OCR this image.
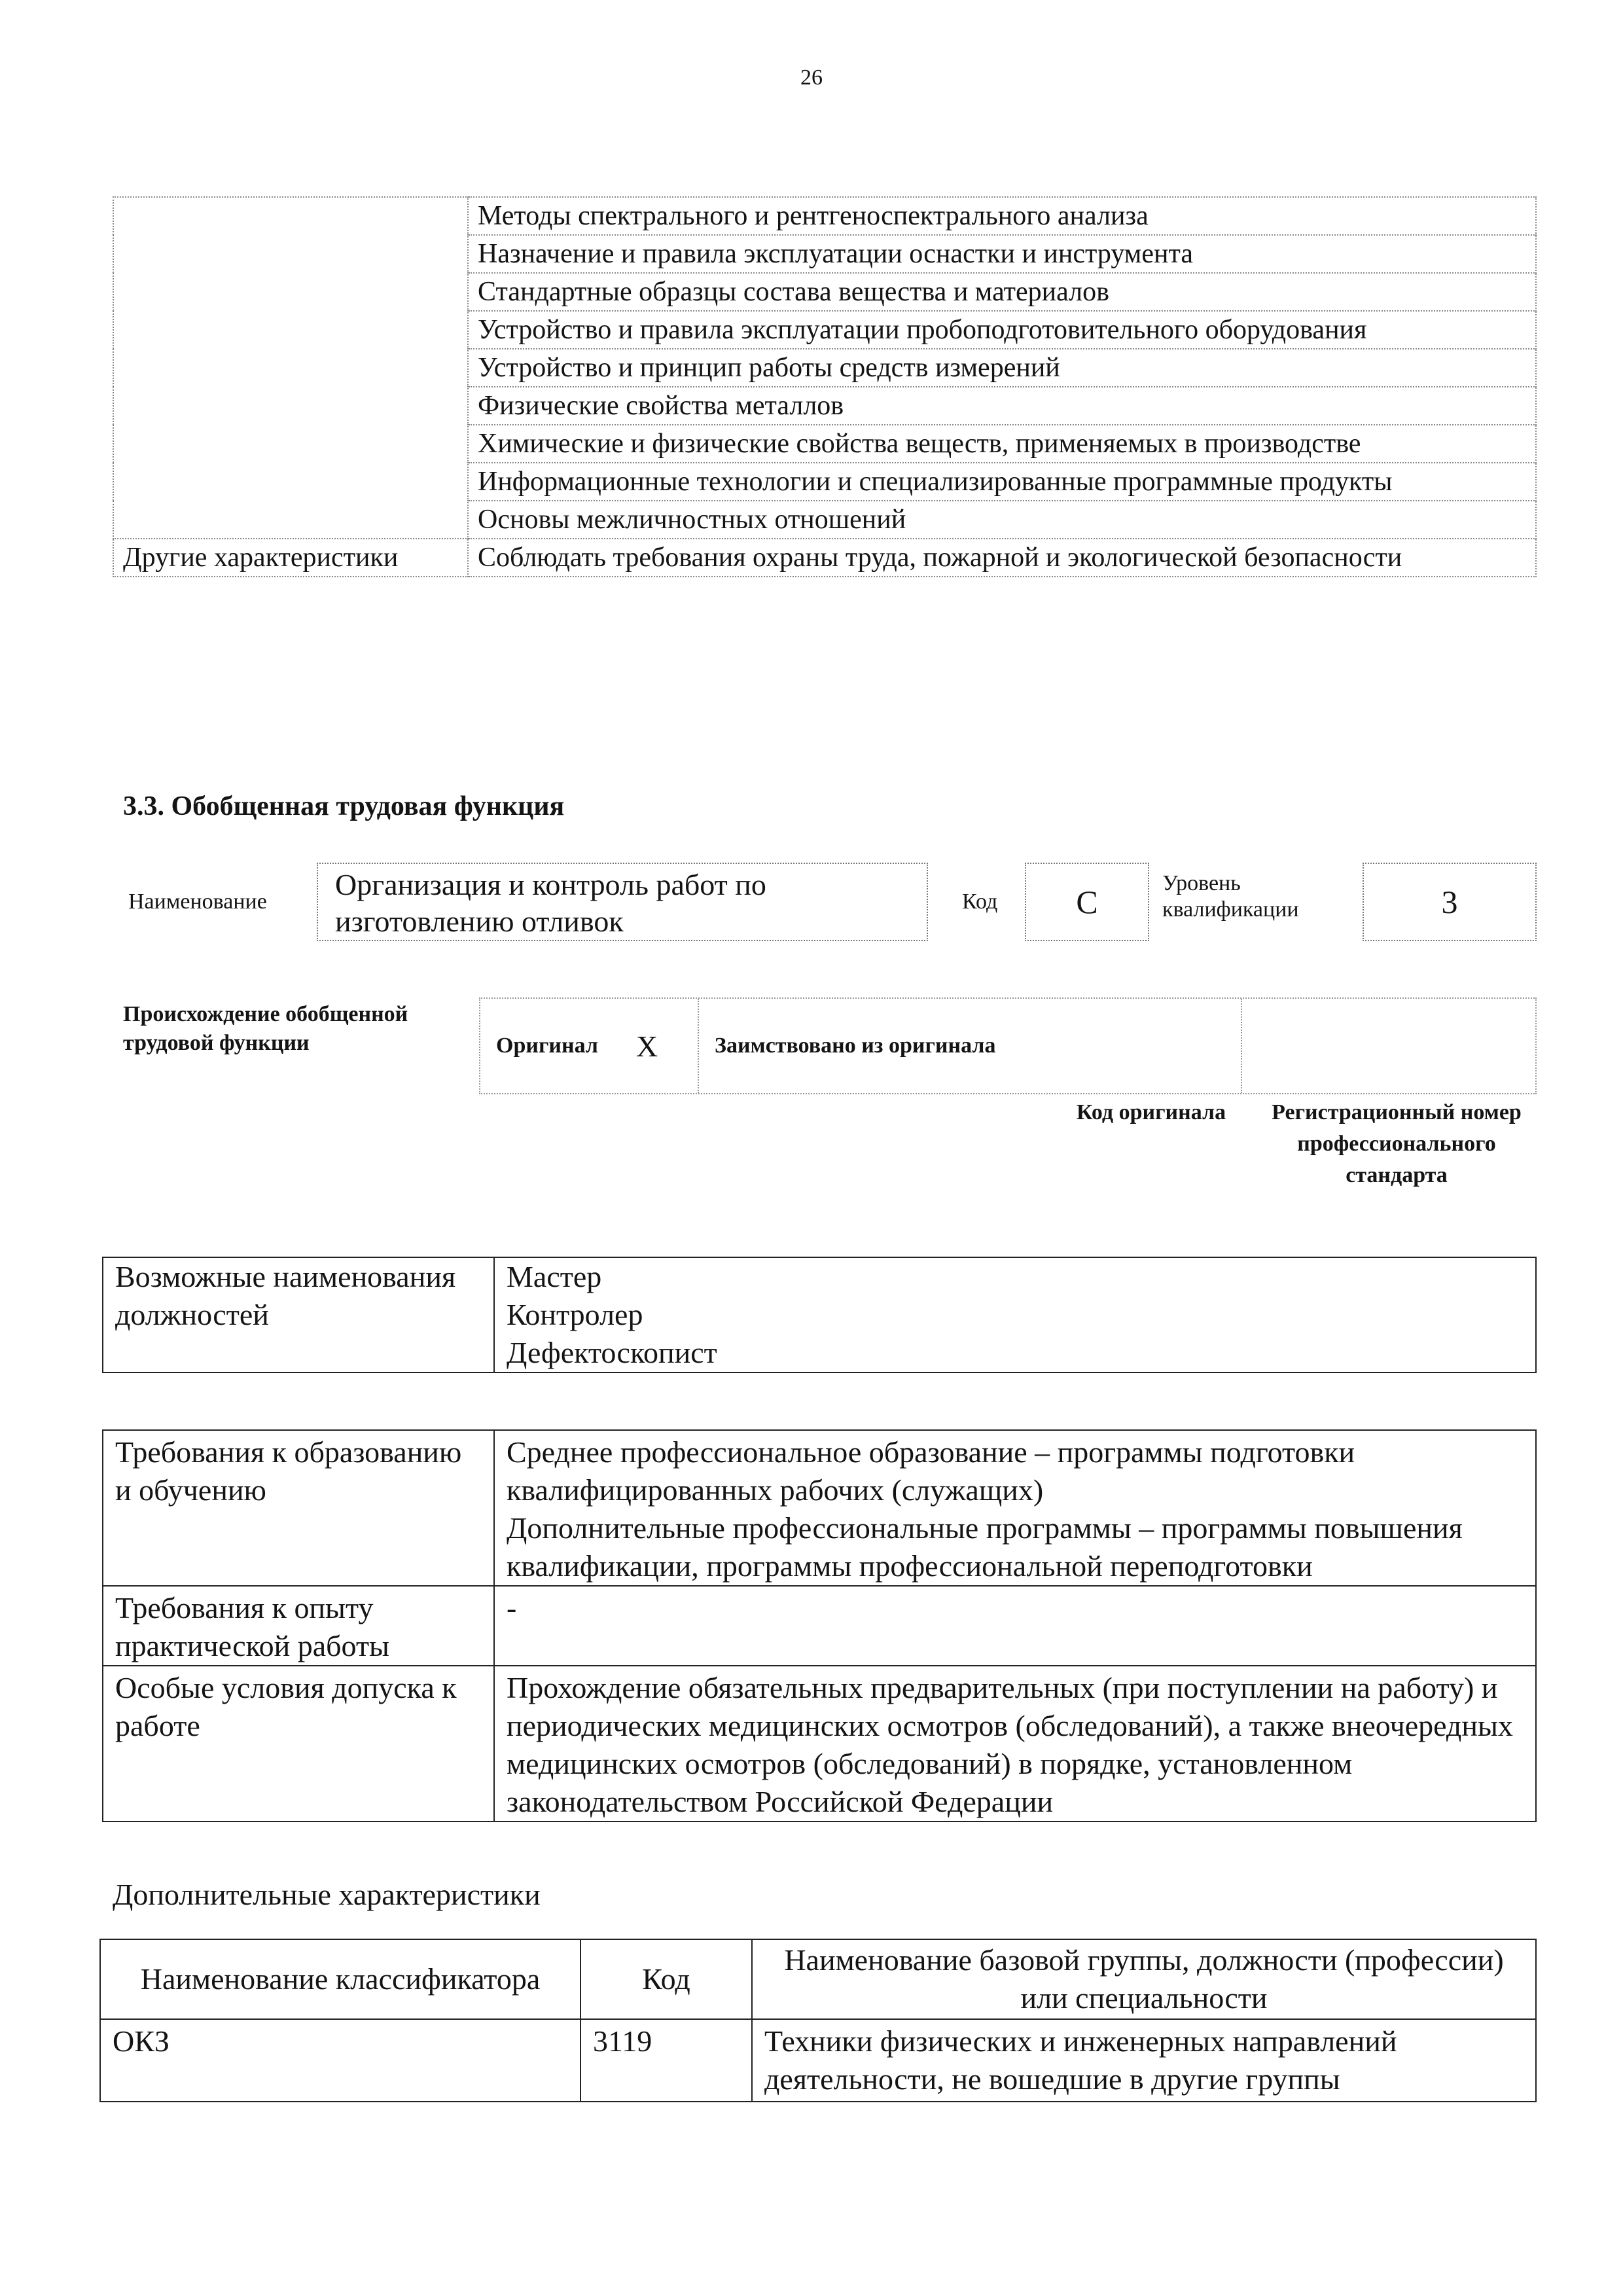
26
	Методы спектрального и рентгеноспектрального анализа
	Назначение и правила эксплуатации оснастки и инструмента
	Стандартные образцы состава вещества и материалов
	Устройство и правила эксплуатации пробоподготовительного оборудования
	Устройство и принцип работы средств измерений
	Физические свойства металлов
	Химические и физические свойства веществ, применяемых в производстве
	Информационные технологии и специализированные программные продукты
	Основы межличностных отношений
Другие характеристики	Соблюдать требования охраны труда, пожарной и экологической безопасности
3.3. Обобщенная трудовая функция
Наименование
Организация и контроль работ по изготовлению отливок
Код	С
Уровень квалификации	3
Происхождение обобщенной трудовой функции	Оригинал X	Заимствовано из оригинала
Код оригинала Регистрационный номер профессионального стандарта
Возможные наименования должностей	
Мастер
Контролер
Дефектоскопист
Требования к образованию и обучению	Среднее профессиональное образование – программы подготовки квалифицированных рабочих (служащих)
Дополнительные профессиональные программы – программы повышения квалификации, программы профессиональной переподготовки

Требования к опыту практической работы	-
Особые условия допуска к работе	Прохождение обязательных предварительных (при поступлении на работу) и периодических медицинских осмотров (обследований), а также внеочередных медицинских осмотров (обследований) в порядке, установленном законодательством Российской Федерации
Дополнительные характеристики
Наименование классификатора	Код	Наименование базовой группы, должности (профессии) или специальности
ОКЗ	3119	Техники физических и инженерных направлений деятельности, не вошедшие в другие группы
